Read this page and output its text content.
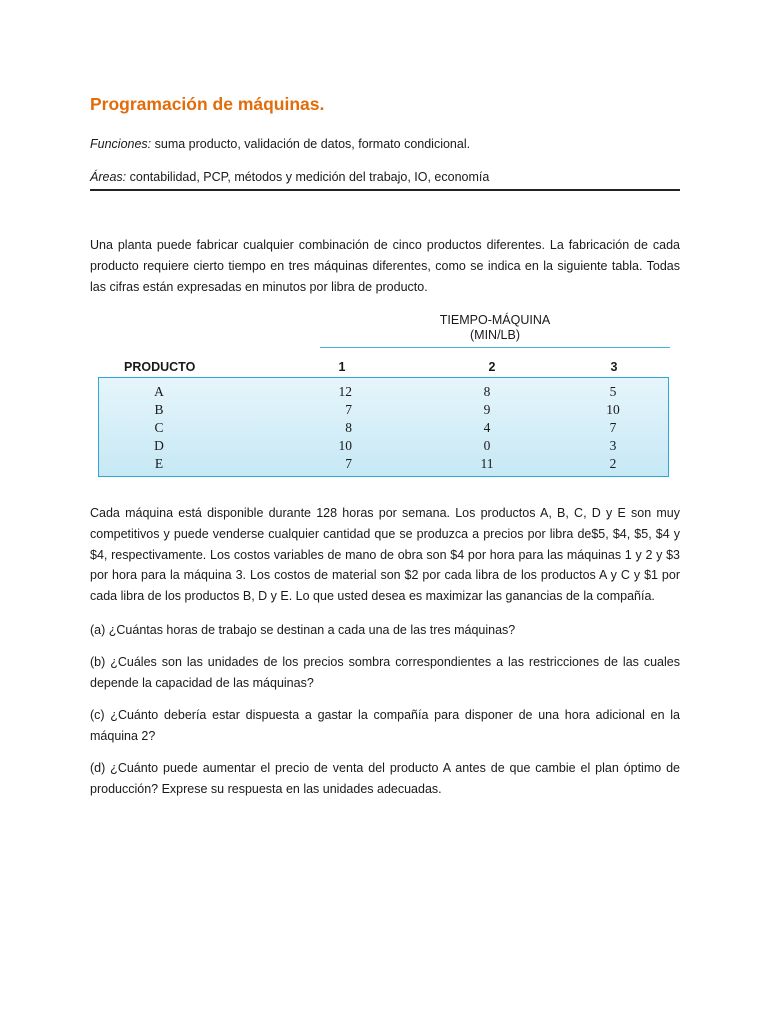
Programación de máquinas.
Funciones: suma producto, validación de datos, formato condicional.
Áreas: contabilidad, PCP, métodos y medición del trabajo, IO, economía

Una planta puede fabricar cualquier combinación de cinco productos diferentes. La fabricación de cada producto requiere cierto tiempo en tres máquinas diferentes, como se indica en la siguiente tabla. Todas las cifras están expresadas en minutos por libra de producto.

Cada máquina está disponible durante 128 horas por semana. Los productos A, B, C, D y E son muy competitivos y puede venderse cualquier cantidad que se produzca a precios por libra de$5, $4, $5, $4 y $4, respectivamente. Los costos variables de mano de obra son $4 por hora para las máquinas 1 y 2 y $3 por hora para la máquina 3. Los costos de material son $2 por cada libra de los productos A y C y $1 por cada libra de los productos B, D y E. Lo que usted desea es maximizar las ganancias de la compañía.

(a) ¿Cuántas horas de trabajo se destinan a cada una de las tres máquinas?

(b) ¿Cuáles son las unidades de los precios sombra correspondientes a las restricciones de las cuales depende la capacidad de las máquinas?

(c) ¿Cuánto debería estar dispuesta a gastar la compañía para disponer de una hora adicional en la máquina 2?

(d) ¿Cuánto puede aumentar el precio de venta del producto A antes de que cambie el plan óptimo de producción? Exprese su respuesta en las unidades adecuadas.

TIEMPO-MÁQUINA
(MIN/LB)
PRODUCTO	1	2	3
A	12	8	5
B	7	9	10
C	8	4	7
D	10	0	3
E	7	11	2
